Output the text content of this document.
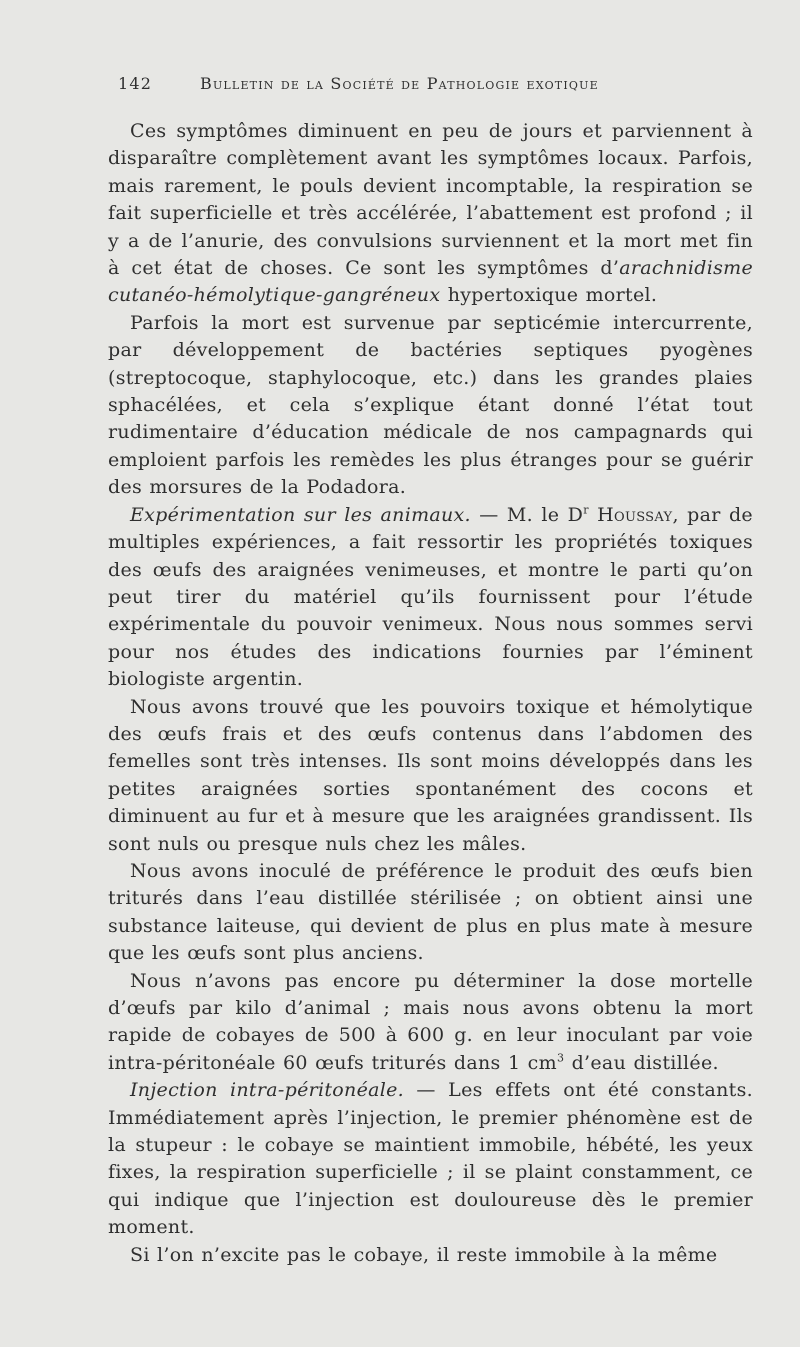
142	Bulletin de la Société de Pathologie exotique

Ces symptômes diminuent en peu de jours et parviennent à disparaître complètement avant les symptômes locaux. Parfois, mais rarement, le pouls devient incomptable, la respiration se fait superficielle et très accélérée, l’abattement est profond ; il y a de l’anurie, des convulsions surviennent et la mort met fin à cet état de choses. Ce sont les symptômes d’arachnidisme cutanéo-hémolytique-gangréneux hypertoxique mortel.

Parfois la mort est survenue par septicémie intercurrente, par développement de bactéries septiques pyogènes (streptocoque, staphylocoque, etc.) dans les grandes plaies sphacélées, et cela s’explique étant donné l’état tout rudimentaire d’éducation médicale de nos campagnards qui emploient parfois les remèdes les plus étranges pour se guérir des morsures de la Podadora.

Expérimentation sur les animaux. — M. le $D^r$ Houssay, par de multiples expériences, a fait ressortir les propriétés toxiques des œufs des araignées venimeuses, et montre le parti qu’on peut tirer du matériel qu’ils fournissent pour l’étude expérimentale du pouvoir venimeux. Nous nous sommes servi pour nos études des indications fournies par l’éminent biologiste argentin.

Nous avons trouvé que les pouvoirs toxique et hémolytique des œufs frais et des œufs contenus dans l’abdomen des femelles sont très intenses. Ils sont moins développés dans les petites araignées sorties spontanément des cocons et diminuent au fur et à mesure que les araignées grandissent. Ils sont nuls ou presque nuls chez les mâles.

Nous avons inoculé de préférence le produit des œufs bien triturés dans l’eau distillée stérilisée ; on obtient ainsi une substance laiteuse, qui devient de plus en plus mate à mesure que les œufs sont plus anciens.

Nous n’avons pas encore pu déterminer la dose mortelle d’œufs par kilo d’animal ; mais nous avons obtenu la mort rapide de cobayes de 500 à 600 g. en leur inoculant par voie intra-péritonéale 60 œufs triturés dans 1 $cm^3$ d’eau distillée.

Injection intra-péritonéale. — Les effets ont été constants. Immédiatement après l’injection, le premier phénomène est de la stupeur : le cobaye se maintient immobile, hébété, les yeux fixes, la respiration superficielle ; il se plaint constamment, ce qui indique que l’injection est douloureuse dès le premier moment.

Si l’on n’excite pas le cobaye, il reste immobile à la même
